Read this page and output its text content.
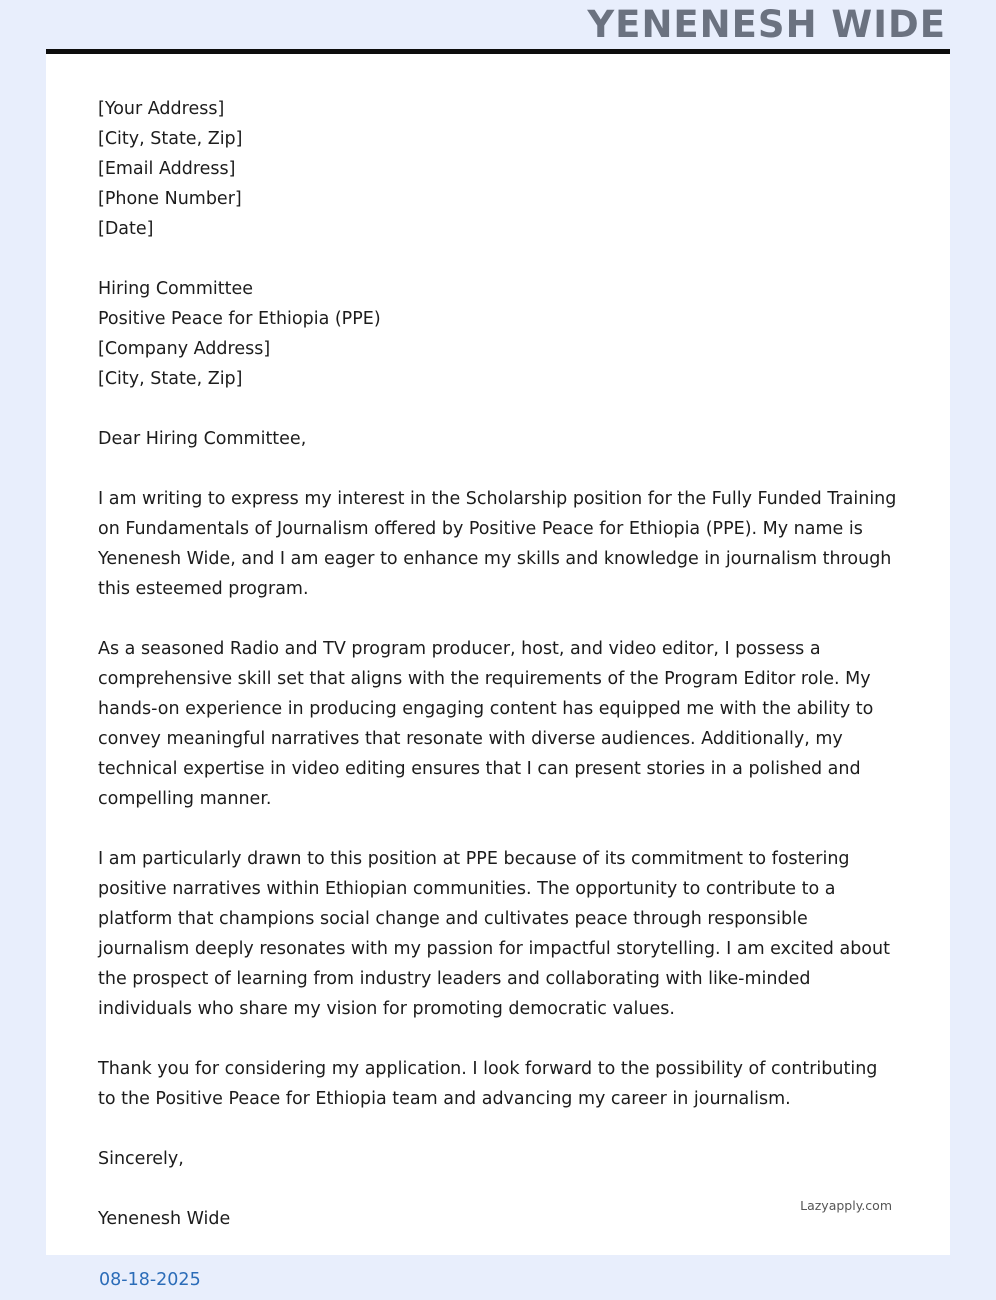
YENENESH WIDE
[Your Address]
[City, State, Zip]
[Email Address]
[Phone Number]
[Date]
Hiring Committee
Positive Peace for Ethiopia (PPE)
[Company Address]
[City, State, Zip]
Dear Hiring Committee,

I am writing to express my interest in the Scholarship position for the Fully Funded Training on Fundamentals of Journalism offered by Positive Peace for Ethiopia (PPE). My name is Yenenesh Wide, and I am eager to enhance my skills and knowledge in journalism through this esteemed program.

As a seasoned Radio and TV program producer, host, and video editor, I possess a comprehensive skill set that aligns with the requirements of the Program Editor role. My hands-on experience in producing engaging content has equipped me with the ability to convey meaningful narratives that resonate with diverse audiences. Additionally, my technical expertise in video editing ensures that I can present stories in a polished and compelling manner.

I am particularly drawn to this position at PPE because of its commitment to fostering positive narratives within Ethiopian communities. The opportunity to contribute to a platform that champions social change and cultivates peace through responsible journalism deeply resonates with my passion for impactful storytelling. I am excited about the prospect of learning from industry leaders and collaborating with like-minded individuals who share my vision for promoting democratic values.

Thank you for considering my application. I look forward to the possibility of contributing to the Positive Peace for Ethiopia team and advancing my career in journalism.

Sincerely,
Yenenesh Wide
Lazyapply.com
08-18-2025
